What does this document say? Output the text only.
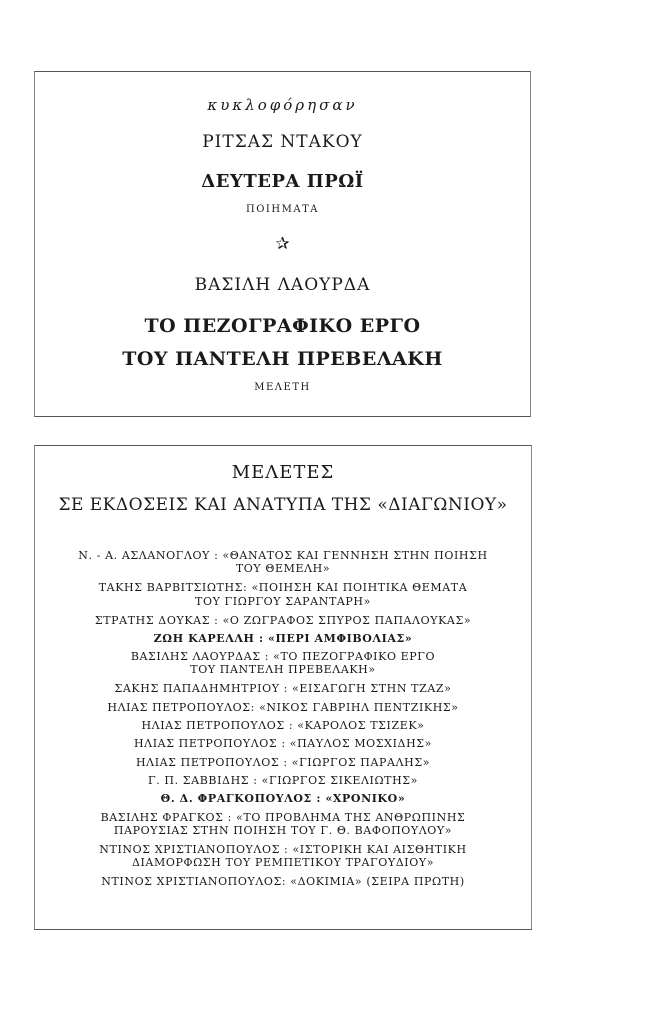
κυκλοφόρησαν
ΡΙΤΣΑΣ ΝΤΑΚΟΥ
ΔΕΥΤΕΡΑ ΠΡΩΪ
ΠΟΙΗΜΑΤΑ
✰
ΒΑΣΙΛΗ ΛΑΟΥΡΔΑ
ΤΟ ΠΕΖΟΓΡΑΦΙΚΟ ΕΡΓΟ
ΤΟΥ ΠΑΝΤΕΛΗ ΠΡΕΒΕΛΑΚΗ
ΜΕΛΕΤΗ
ΜΕΛΕΤΕΣ
ΣΕ ΕΚΔΟΣΕΙΣ ΚΑΙ ΑΝΑΤΥΠΑ ΤΗΣ «ΔΙΑΓΩΝΙΟΥ»
Ν. - Α. ΑΣΛΑΝΟΓΛΟΥ : «ΘΑΝΑΤΟΣ ΚΑΙ ΓΕΝΝΗΣΗ ΣΤΗΝ ΠΟΙΗΣΗ
ΤΟΥ ΘΕΜΕΛΗ»
ΤΑΚΗΣ ΒΑΡΒΙΤΣΙΩΤΗΣ: «ΠΟΙΗΣΗ ΚΑΙ ΠΟΙΗΤΙΚΑ ΘΕΜΑΤΑ
ΤΟΥ ΓΙΩΡΓΟΥ ΣΑΡΑΝΤΑΡΗ»
ΣΤΡΑΤΗΣ ΔΟΥΚΑΣ : «Ο ΖΩΓΡΑΦΟΣ ΣΠΥΡΟΣ ΠΑΠΑΛΟΥΚΑΣ»
ΖΩΗ ΚΑΡΕΛΛΗ : «ΠΕΡΙ ΑΜΦΙΒΟΛΙΑΣ»
ΒΑΣΙΛΗΣ ΛΑΟΥΡΔΑΣ : «ΤΟ ΠΕΖΟΓΡΑΦΙΚΟ ΕΡΓΟ
ΤΟΥ ΠΑΝΤΕΛΗ ΠΡΕΒΕΛΑΚΗ»
ΣΑΚΗΣ ΠΑΠΑΔΗΜΗΤΡΙΟΥ : «ΕΙΣΑΓΩΓΗ ΣΤΗΝ ΤΖΑΖ»
ΗΛΙΑΣ ΠΕΤΡΟΠΟΥΛΟΣ: «ΝΙΚΟΣ ΓΑΒΡΙΗΛ ΠΕΝΤΖΙΚΗΣ»
ΗΛΙΑΣ ΠΕΤΡΟΠΟΥΛΟΣ : «ΚΑΡΟΛΟΣ ΤΣΙΖΕΚ»
ΗΛΙΑΣ ΠΕΤΡΟΠΟΥΛΟΣ : «ΠΑΥΛΟΣ ΜΟΣΧΙΔΗΣ»
ΗΛΙΑΣ ΠΕΤΡΟΠΟΥΛΟΣ : «ΓΙΩΡΓΟΣ ΠΑΡΑΛΗΣ»
Γ. Π. ΣΑΒΒΙΔΗΣ : «ΓΙΩΡΓΟΣ ΣΙΚΕΛΙΩΤΗΣ»
Θ. Δ. ΦΡΑΓΚΟΠΟΥΛΟΣ : «ΧΡΟΝΙΚΟ»
ΒΑΣΙΛΗΣ ΦΡΑΓΚΟΣ : «ΤΟ ΠΡΟΒΛΗΜΑ ΤΗΣ ΑΝΘΡΩΠΙΝΗΣ
ΠΑΡΟΥΣΙΑΣ ΣΤΗΝ ΠΟΙΗΣΗ ΤΟΥ Γ. Θ. ΒΑΦΟΠΟΥΛΟΥ»
ΝΤΙΝΟΣ ΧΡΙΣΤΙΑΝΟΠΟΥΛΟΣ : «ΙΣΤΟΡΙΚΗ ΚΑΙ ΑΙΣΘΗΤΙΚΗ
ΔΙΑΜΟΡΦΩΣΗ ΤΟΥ ΡΕΜΠΕΤΙΚΟΥ ΤΡΑΓΟΥΔΙΟΥ»
ΝΤΙΝΟΣ ΧΡΙΣΤΙΑΝΟΠΟΥΛΟΣ: «ΔΟΚΙΜΙΑ» (ΣΕΙΡΑ ΠΡΩΤΗ)
